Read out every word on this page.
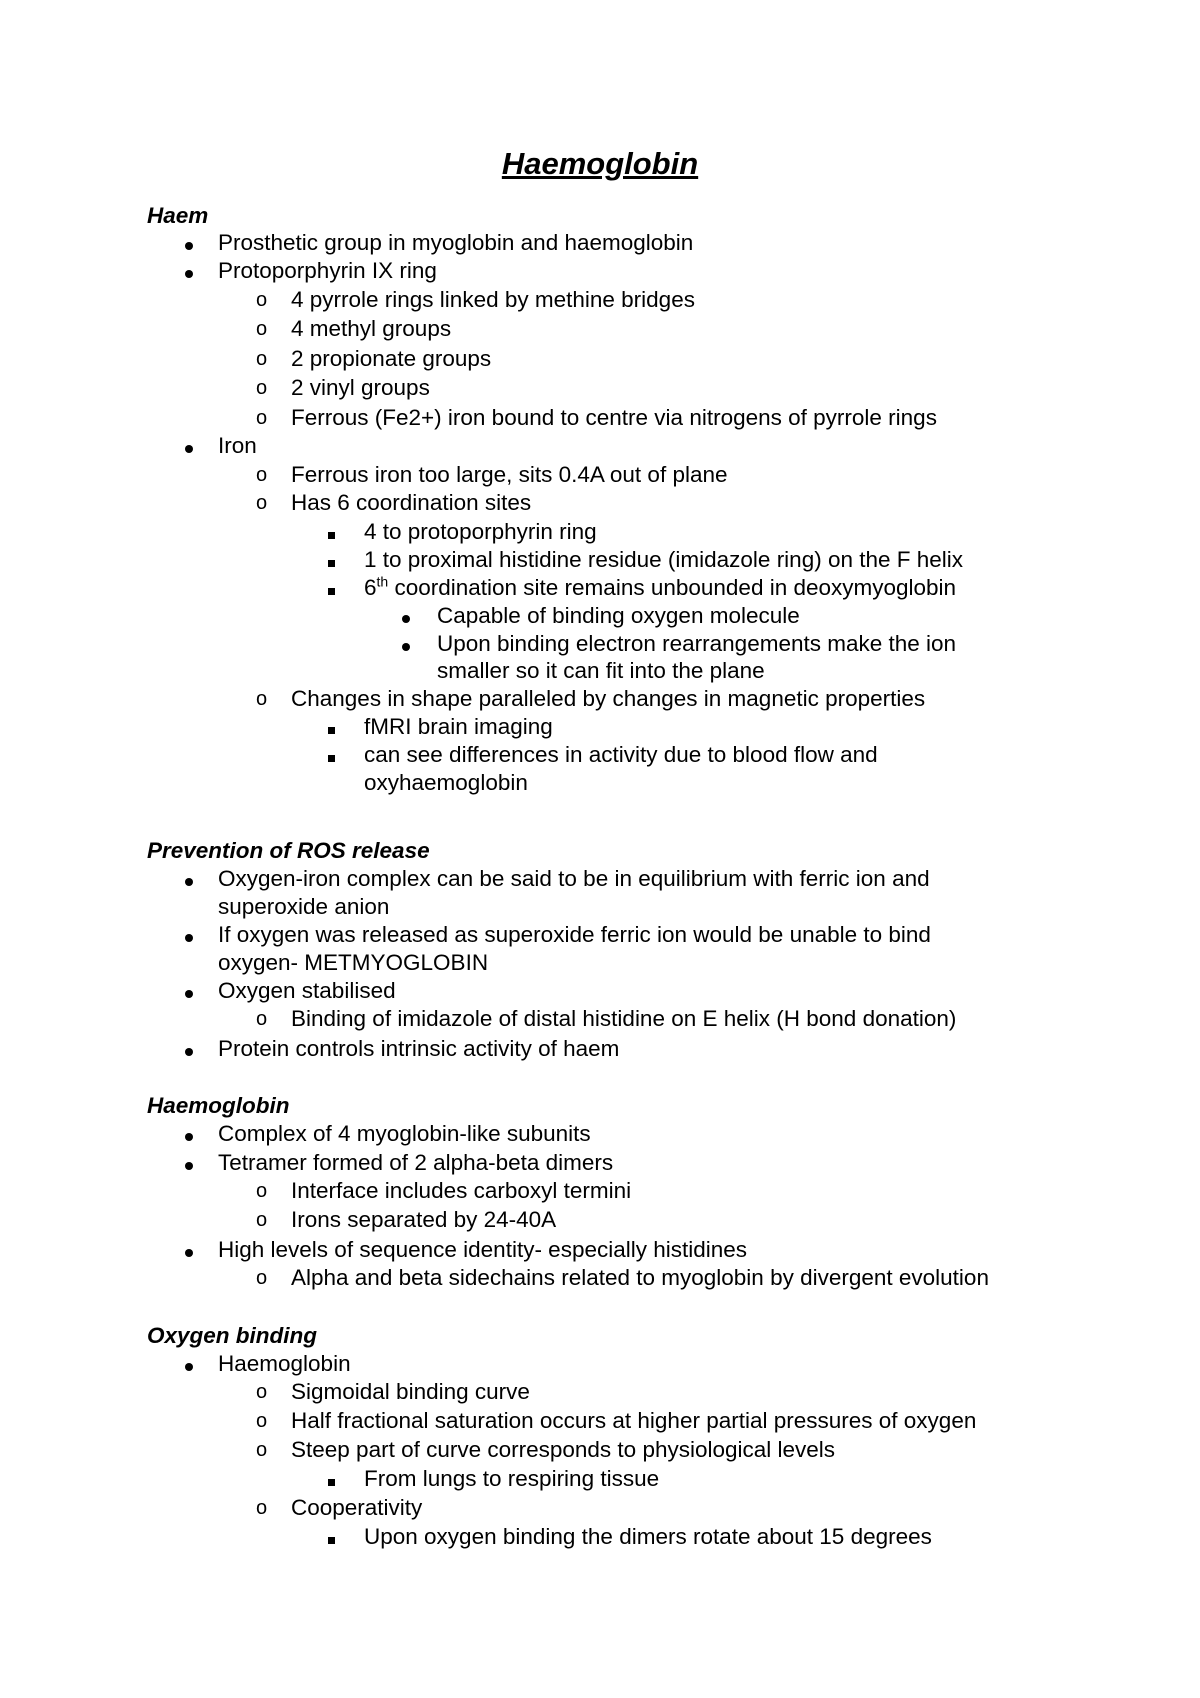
Haemoglobin
Haem
Prosthetic group in myoglobin and haemoglobin
Protoporphyrin IX ring
o 4 pyrrole rings linked by methine bridges
o 4 methyl groups
o 2 propionate groups
o 2 vinyl groups
o Ferrous (Fe2+) iron bound to centre via nitrogens of pyrrole rings
Iron
o Ferrous iron too large, sits 0.4A out of plane
o Has 6 coordination sites
4 to protoporphyrin ring
1 to proximal histidine residue (imidazole ring) on the F helix
6th coordination site remains unbounded in deoxymyoglobin
Capable of binding oxygen molecule
Upon binding electron rearrangements make the ion
smaller so it can fit into the plane
o Changes in shape paralleled by changes in magnetic properties
fMRI brain imaging
can see differences in activity due to blood flow and
oxyhaemoglobin
Prevention of ROS release
Oxygen-iron complex can be said to be in equilibrium with ferric ion and
superoxide anion
If oxygen was released as superoxide ferric ion would be unable to bind
oxygen- METMYOGLOBIN
Oxygen stabilised
o Binding of imidazole of distal histidine on E helix (H bond donation)
Protein controls intrinsic activity of haem
Haemoglobin
Complex of 4 myoglobin-like subunits
Tetramer formed of 2 alpha-beta dimers
o Interface includes carboxyl termini
o Irons separated by 24-40A
High levels of sequence identity- especially histidines
o Alpha and beta sidechains related to myoglobin by divergent evolution
Oxygen binding
Haemoglobin
o Sigmoidal binding curve
o Half fractional saturation occurs at higher partial pressures of oxygen
o Steep part of curve corresponds to physiological levels
From lungs to respiring tissue
o Cooperativity
Upon oxygen binding the dimers rotate about 15 degrees
